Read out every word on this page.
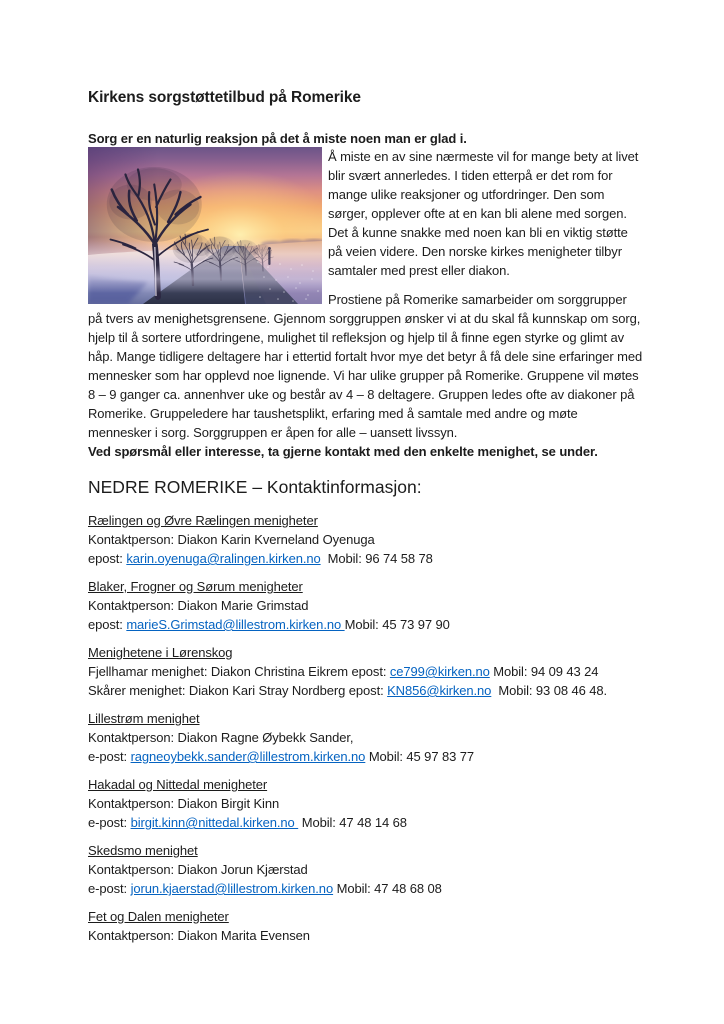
Kirkens sorgstøttetilbud på Romerike

Sorg er en naturlig reaksjon på det å miste noen man er glad i.

Å miste en av sine nærmeste vil for mange bety at livet blir svært annerledes. I tiden etterpå er det rom for mange ulike reaksjoner og utfordringer. Den som sørger, opplever ofte at en kan bli alene med sorgen. Det å kunne snakke med noen kan bli en viktig støtte på veien videre. Den norske kirkes menigheter tilbyr samtaler med prest eller diakon.

Prostiene på Romerike samarbeider om sorggrupper på tvers av menighetsgrensene. Gjennom sorggruppen ønsker vi at du skal få kunnskap om sorg, hjelp til å sortere utfordringene, mulighet til refleksjon og hjelp til å finne egen styrke og glimt av håp. Mange tidligere deltagere har i ettertid fortalt hvor mye det betyr å få dele sine erfaringer med mennesker som har opplevd noe lignende. Vi har ulike grupper på Romerike. Gruppene vil møtes 8 – 9 ganger ca. annenhver uke og består av 4 – 8 deltagere. Gruppen ledes ofte av diakoner på Romerike. Gruppeledere har taushetsplikt, erfaring med å samtale med andre og møte mennesker i sorg. Sorggruppen er åpen for alle – uansett livssyn.

Ved spørsmål eller interesse, ta gjerne kontakt med den enkelte menighet, se under.

NEDRE ROMERIKE – Kontaktinformasjon:

Rælingen og Øvre Rælingen menigheter
Kontaktperson: Diakon Karin Kverneland Oyenuga
epost: karin.oyenuga@ralingen.kirken.no  Mobil: 96 74 58 78
Blaker, Frogner og Sørum menigheter
Kontaktperson: Diakon Marie Grimstad
epost: marieS.Grimstad@lillestrom.kirken.no Mobil: 45 73 97 90
Menighetene i Lørenskog
Fjellhamar menighet: Diakon Christina Eikrem epost: ce799@kirken.no Mobil: 94 09 43 24
Skårer menighet: Diakon Kari Stray Nordberg epost: KN856@kirken.no  Mobil: 93 08 46 48.
Lillestrøm menighet
Kontaktperson: Diakon Ragne Øybekk Sander,
e-post: ragneoybekk.sander@lillestrom.kirken.no Mobil: 45 97 83 77
Hakadal og Nittedal menigheter
Kontaktperson: Diakon Birgit Kinn
e-post: birgit.kinn@nittedal.kirken.no  Mobil: 47 48 14 68
Skedsmo menighet
Kontaktperson: Diakon Jorun Kjærstad
e-post: jorun.kjaerstad@lillestrom.kirken.no Mobil: 47 48 68 08
Fet og Dalen menigheter
Kontaktperson: Diakon Marita Evensen
